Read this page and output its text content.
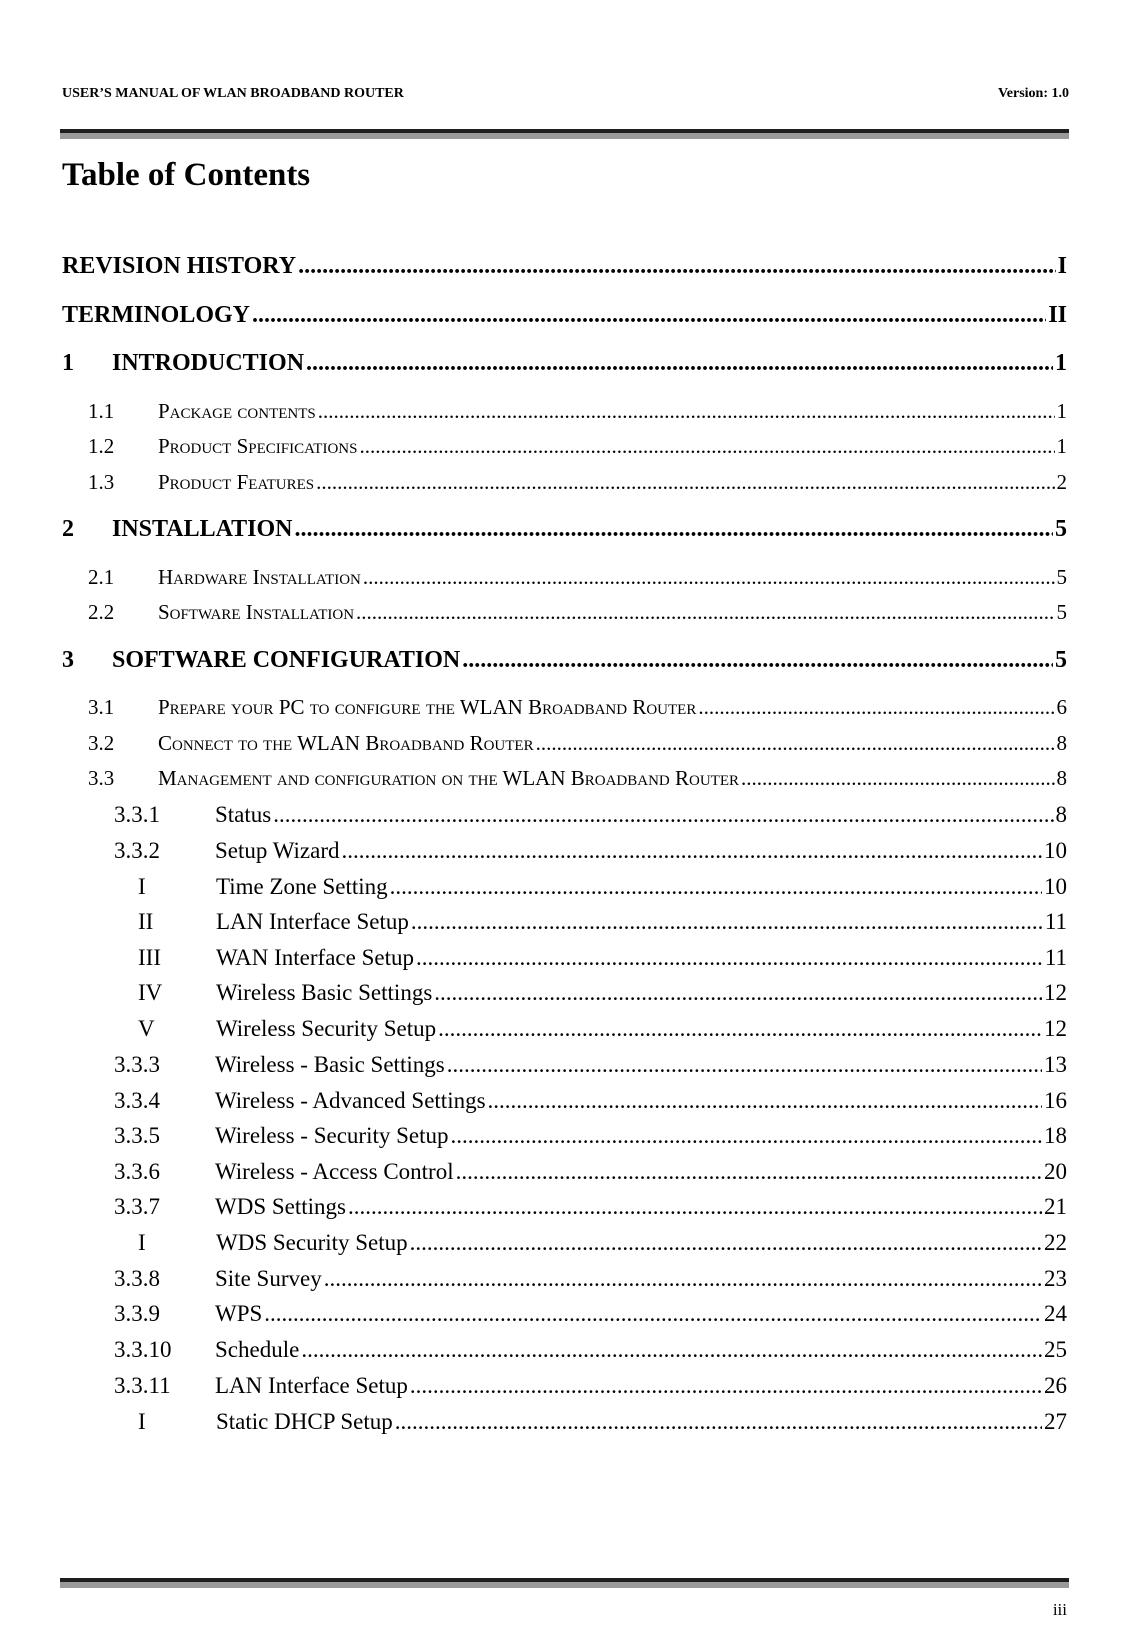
USER’S MANUAL OF WLAN BROADBAND ROUTER	Version: 1.0
Table of Contents
REVISION HISTORY .....	I
TERMINOLOGY .....	II
1	INTRODUCTION .....	1
1.1	Package contents .....	1
1.2	Product Specifications .....	1
1.3	Product Features .....	2
2	INSTALLATION .....	5
2.1	Hardware Installation .....	5
2.2	Software Installation .....	5
3	SOFTWARE CONFIGURATION .....	5
3.1	Prepare your PC to configure the WLAN Broadband Router .....	6
3.2	Connect to the WLAN Broadband Router .....	8
3.3	Management and configuration on the WLAN Broadband Router .....	8
3.3.1	Status .....	8
3.3.2	Setup Wizard .....	10
I	Time Zone Setting .....	10
II	LAN Interface Setup .....	11
III	WAN Interface Setup .....	11
IV	Wireless Basic Settings .....	12
V	Wireless Security Setup .....	12
3.3.3	Wireless - Basic Settings .....	13
3.3.4	Wireless - Advanced Settings .....	16
3.3.5	Wireless - Security Setup .....	18
3.3.6	Wireless - Access Control .....	20
3.3.7	WDS Settings .....	21
I	WDS Security Setup .....	22
3.3.8	Site Survey .....	23
3.3.9	WPS .....	24
3.3.10	Schedule .....	25
3.3.11	LAN Interface Setup .....	26
I	Static DHCP Setup .....	27
iii
